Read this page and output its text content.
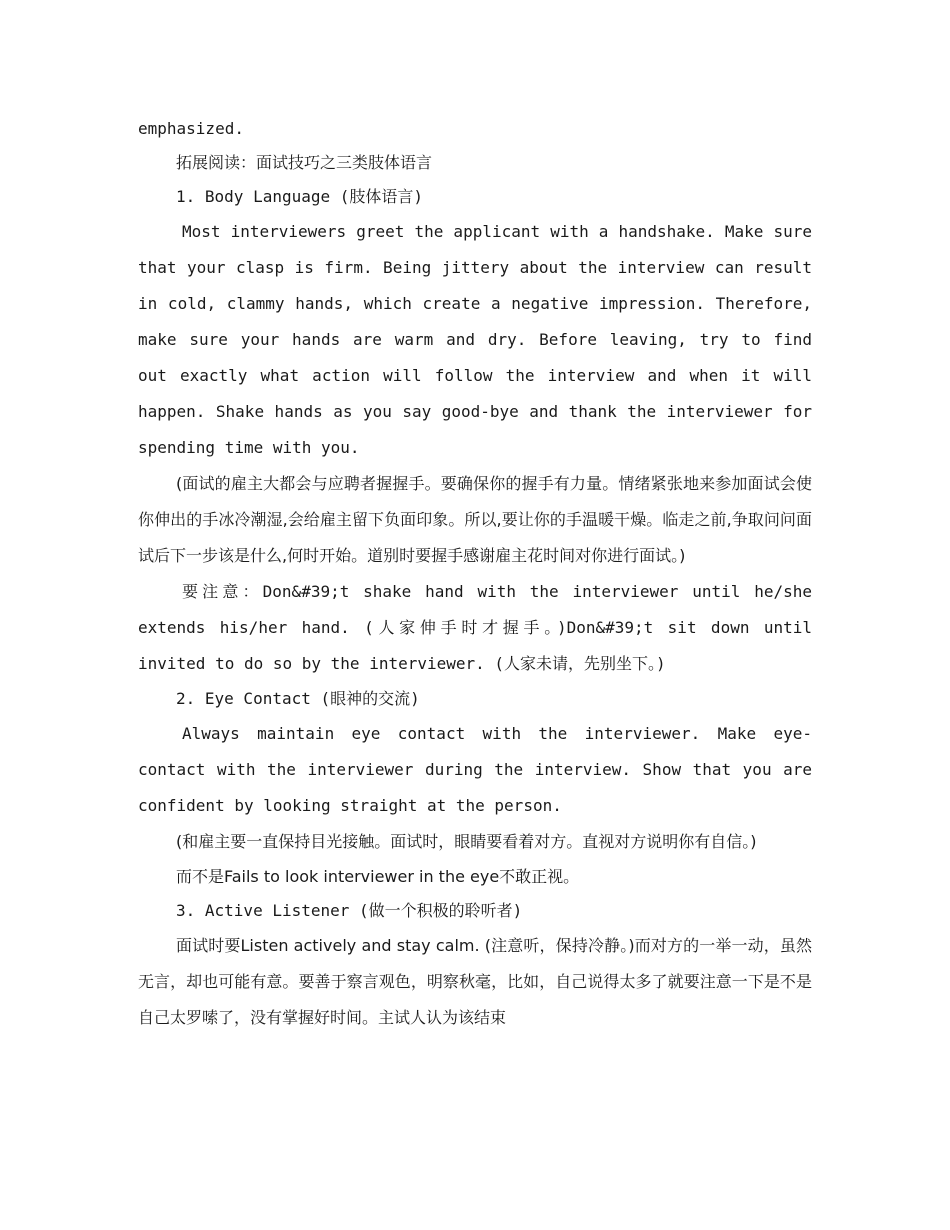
emphasized.

拓展阅读：面试技巧之三类肢体语言

1. Body Language (肢体语言)

Most interviewers greet the applicant with a handshake. Make sure that your clasp is firm. Being jittery about the interview can result in cold, clammy hands, which create a negative impression. Therefore, make sure your hands are warm and dry. Before leaving, try to find out exactly what action will follow the interview and when it will happen. Shake hands as you say good-bye and thank the interviewer for spending time with you.

(面试的雇主大都会与应聘者握握手。要确保你的握手有力量。情绪紧张地来参加面试会使你伸出的手冰冷潮湿,会给雇主留下负面印象。所以,要让你的手温暖干燥。临走之前,争取问问面试后下一步该是什么,何时开始。道别时要握手感谢雇主花时间对你进行面试。)

要注意：Don&#39;t shake hand with the interviewer until he/she extends his/her hand. (人家伸手时才握手。)Don&#39;t sit down until invited to do so by the interviewer. (人家未请，先别坐下。)

2. Eye Contact (眼神的交流)

Always maintain eye contact with the interviewer. Make eye-contact with the interviewer during the interview. Show that you are confident by looking straight at the person.

(和雇主要一直保持目光接触。面试时，眼睛要看着对方。直视对方说明你有自信。)

而不是Fails to look interviewer in the eye不敢正视。

3. Active Listener (做一个积极的聆听者)

面试时要Listen actively and stay calm. (注意听，保持冷静。)而对方的一举一动，虽然无言，却也可能有意。要善于察言观色，明察秋毫，比如，自己说得太多了就要注意一下是不是自己太罗嗦了，没有掌握好时间。主试人认为该结束
